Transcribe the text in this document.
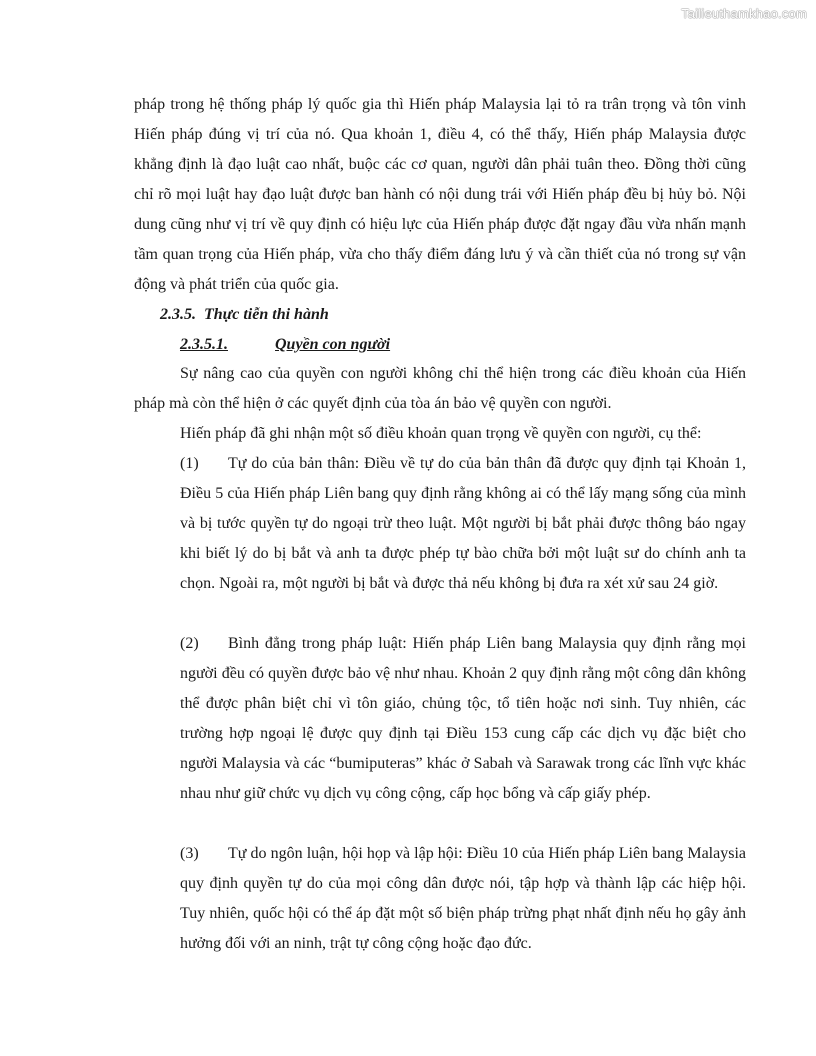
Tailieuthamkhao.com

pháp trong hệ thống pháp lý quốc gia thì Hiến pháp Malaysia lại tỏ ra trân trọng và tôn vinh Hiến pháp đúng vị trí của nó. Qua khoản 1, điều 4, có thể thấy, Hiến pháp Malaysia được khẳng định là đạo luật cao nhất, buộc các cơ quan, người dân phải tuân theo. Đồng thời cũng chỉ rõ mọi luật hay đạo luật được ban hành có nội dung trái với Hiến pháp đều bị hủy bỏ. Nội dung cũng như vị trí về quy định có hiệu lực của Hiến pháp được đặt ngay đầu vừa nhấn mạnh tầm quan trọng của Hiến pháp, vừa cho thấy điểm đáng lưu ý và cần thiết của nó trong sự vận động và phát triển của quốc gia.

2.3.5. Thực tiễn thi hành
2.3.5.1.	Quyền con người

Sự nâng cao của quyền con người không chỉ thể hiện trong các điều khoản của Hiến pháp mà còn thể hiện ở các quyết định của tòa án bảo vệ quyền con người.

Hiến pháp đã ghi nhận một số điều khoản quan trọng về quyền con người, cụ thể:

(1) Tự do của bản thân: Điều về tự do của bản thân đã được quy định tại Khoản 1, Điều 5 của Hiến pháp Liên bang quy định rằng không ai có thể lấy mạng sống của mình và bị tước quyền tự do ngoại trừ theo luật. Một người bị bắt phải được thông báo ngay khi biết lý do bị bắt và anh ta được phép tự bào chữa bởi một luật sư do chính anh ta chọn. Ngoài ra, một người bị bắt và được thả nếu không bị đưa ra xét xử sau 24 giờ.

(2) Bình đẳng trong pháp luật: Hiến pháp Liên bang Malaysia quy định rằng mọi người đều có quyền được bảo vệ như nhau. Khoản 2 quy định rằng một công dân không thể được phân biệt chỉ vì tôn giáo, chủng tộc, tổ tiên hoặc nơi sinh. Tuy nhiên, các trường hợp ngoại lệ được quy định tại Điều 153 cung cấp các dịch vụ đặc biệt cho người Malaysia và các “bumiputeras” khác ở Sabah và Sarawak trong các lĩnh vực khác nhau như giữ chức vụ dịch vụ công cộng, cấp học bổng và cấp giấy phép.

(3) Tự do ngôn luận, hội họp và lập hội: Điều 10 của Hiến pháp Liên bang Malaysia quy định quyền tự do của mọi công dân được nói, tập hợp và thành lập các hiệp hội. Tuy nhiên, quốc hội có thể áp đặt một số biện pháp trừng phạt nhất định nếu họ gây ảnh hưởng đối với an ninh, trật tự công cộng hoặc đạo đức.
